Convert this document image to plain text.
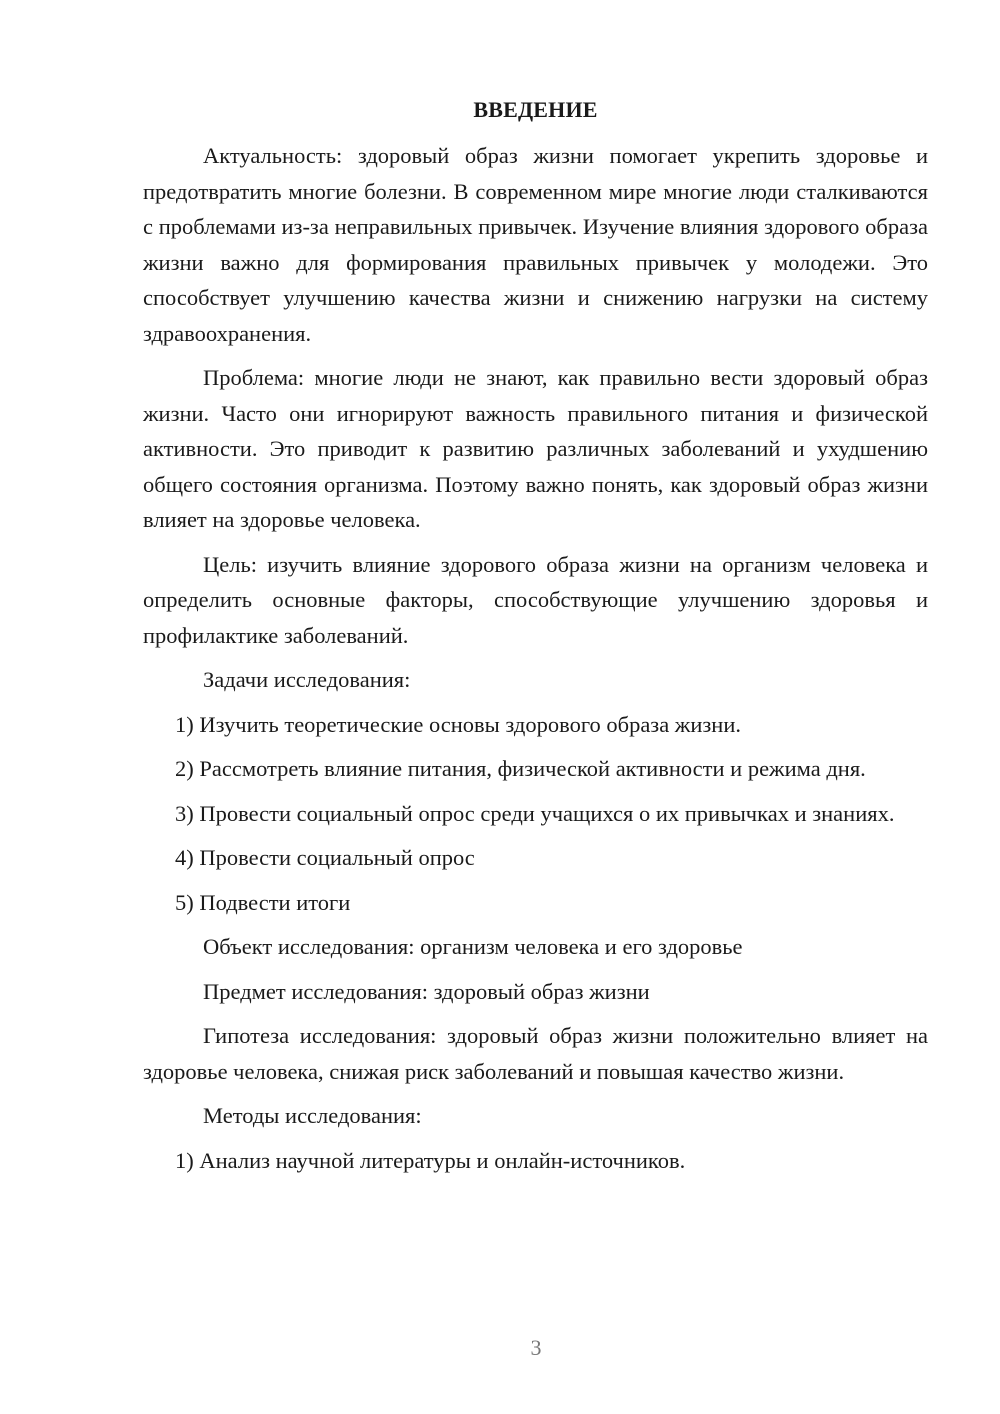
ВВЕДЕНИЕ

Актуальность: здоровый образ жизни помогает укрепить здоровье и предотвратить многие болезни. В современном мире многие люди сталкиваются с проблемами из-за неправильных привычек. Изучение влияния здорового образа жизни важно для формирования правильных привычек у молодежи. Это способствует улучшению качества жизни и снижению нагрузки на систему здравоохранения.

Проблема: многие люди не знают, как правильно вести здоровый образ жизни. Часто они игнорируют важность правильного питания и физической активности. Это приводит к развитию различных заболеваний и ухудшению общего состояния организма. Поэтому важно понять, как здоровый образ жизни влияет на здоровье человека.

Цель: изучить влияние здорового образа жизни на организм человека и определить основные факторы, способствующие улучшению здоровья и профилактике заболеваний.

Задачи исследования:

1) Изучить теоретические основы здорового образа жизни.

2) Рассмотреть влияние питания, физической активности и режима дня.

3) Провести социальный опрос среди учащихся о их привычках и знаниях.

4) Провести социальный опрос

5) Подвести итоги

Объект исследования: организм человека и его здоровье

Предмет исследования: здоровый образ жизни

Гипотеза исследования: здоровый образ жизни положительно влияет на здоровье человека, снижая риск заболеваний и повышая качество жизни.

Методы исследования:

1) Анализ научной литературы и онлайн-источников.

3
